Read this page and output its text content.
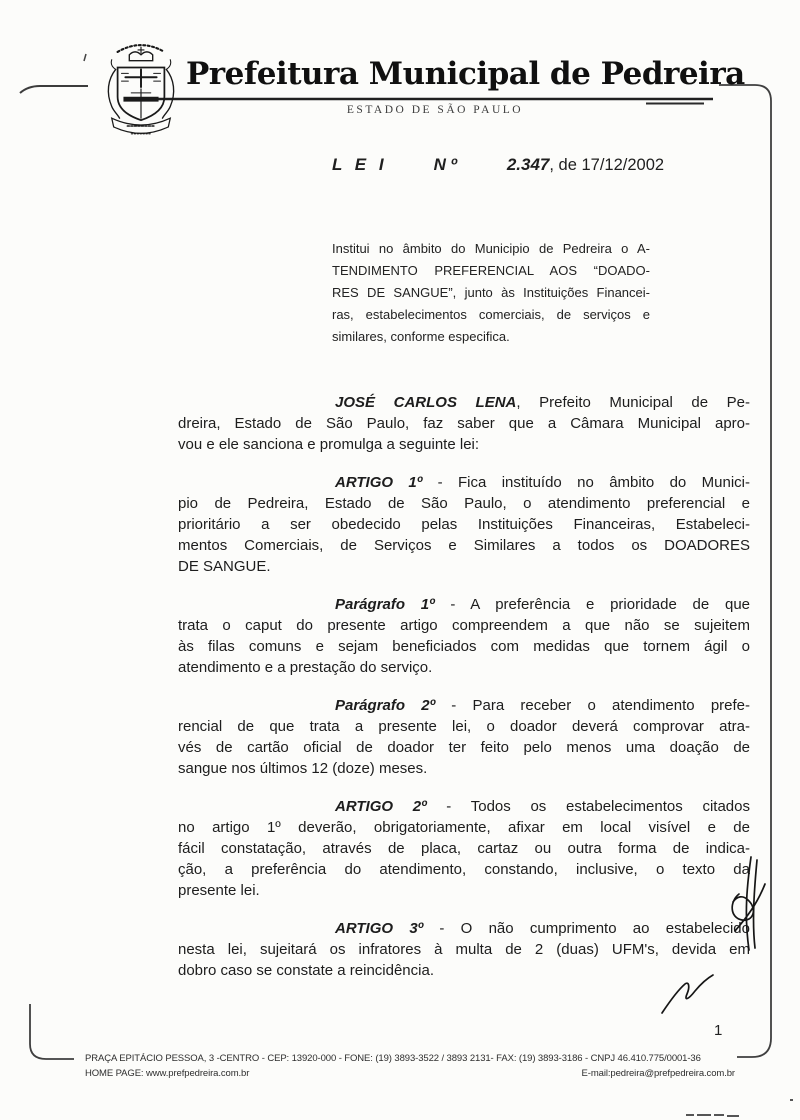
Prefeitura Municipal de Pedreira
ESTADO DE SÃO PAULO
L E I	N º	2.347, de 17/12/2002
Institui no âmbito do Municipio de Pedreira o A-
TENDIMENTO PREFERENCIAL AOS “DOADO-
RES DE SANGUE”, junto às Instituições Financei-
ras, estabelecimentos comerciais, de serviços e
similares, conforme especifica.
JOSÉ CARLOS LENA, Prefeito Municipal de Pe-
dreira, Estado de São Paulo, faz saber que a Câmara Municipal apro-
vou e ele sanciona e promulga a seguinte lei:
ARTIGO 1º - Fica instituído no âmbito do Munici-
pio de Pedreira, Estado de São Paulo, o atendimento preferencial e
prioritário a ser obedecido pelas Instituições Financeiras, Estabeleci-
mentos Comerciais, de Serviços e Similares a todos os DOADORES
DE SANGUE.
Parágrafo 1º - A preferência e prioridade de que
trata o caput do presente artigo compreendem a que não se sujeitem
às filas comuns e sejam beneficiados com medidas que tornem ágil o
atendimento e a prestação do serviço.
Parágrafo 2º - Para receber o atendimento prefe-
rencial de que trata a presente lei, o doador deverá comprovar atra-
vés de cartão oficial de doador ter feito pelo menos uma doação de
sangue nos últimos 12 (doze) meses.
ARTIGO 2º - Todos os estabelecimentos citados
no artigo 1º deverão, obrigatoriamente, afixar em local visível e de
fácil constatação, através de placa, cartaz ou outra forma de indica-
ção, a preferência do atendimento, constando, inclusive, o texto da
presente lei.
ARTIGO 3º - O não cumprimento ao estabelecido
nesta lei, sujeitará os infratores à multa de 2 (duas) UFM's, devida em
dobro caso se constate a reincidência.
1
PRAÇA EPITÁCIO PESSOA, 3 -CENTRO - CEP: 13920-000 - FONE: (19) 3893-3522 / 3893 2131- FAX: (19) 3893-3186 - CNPJ 46.410.775/0001-36
HOME PAGE: www.prefpedreira.com.br	E-mail:pedreira@prefpedreira.com.br
